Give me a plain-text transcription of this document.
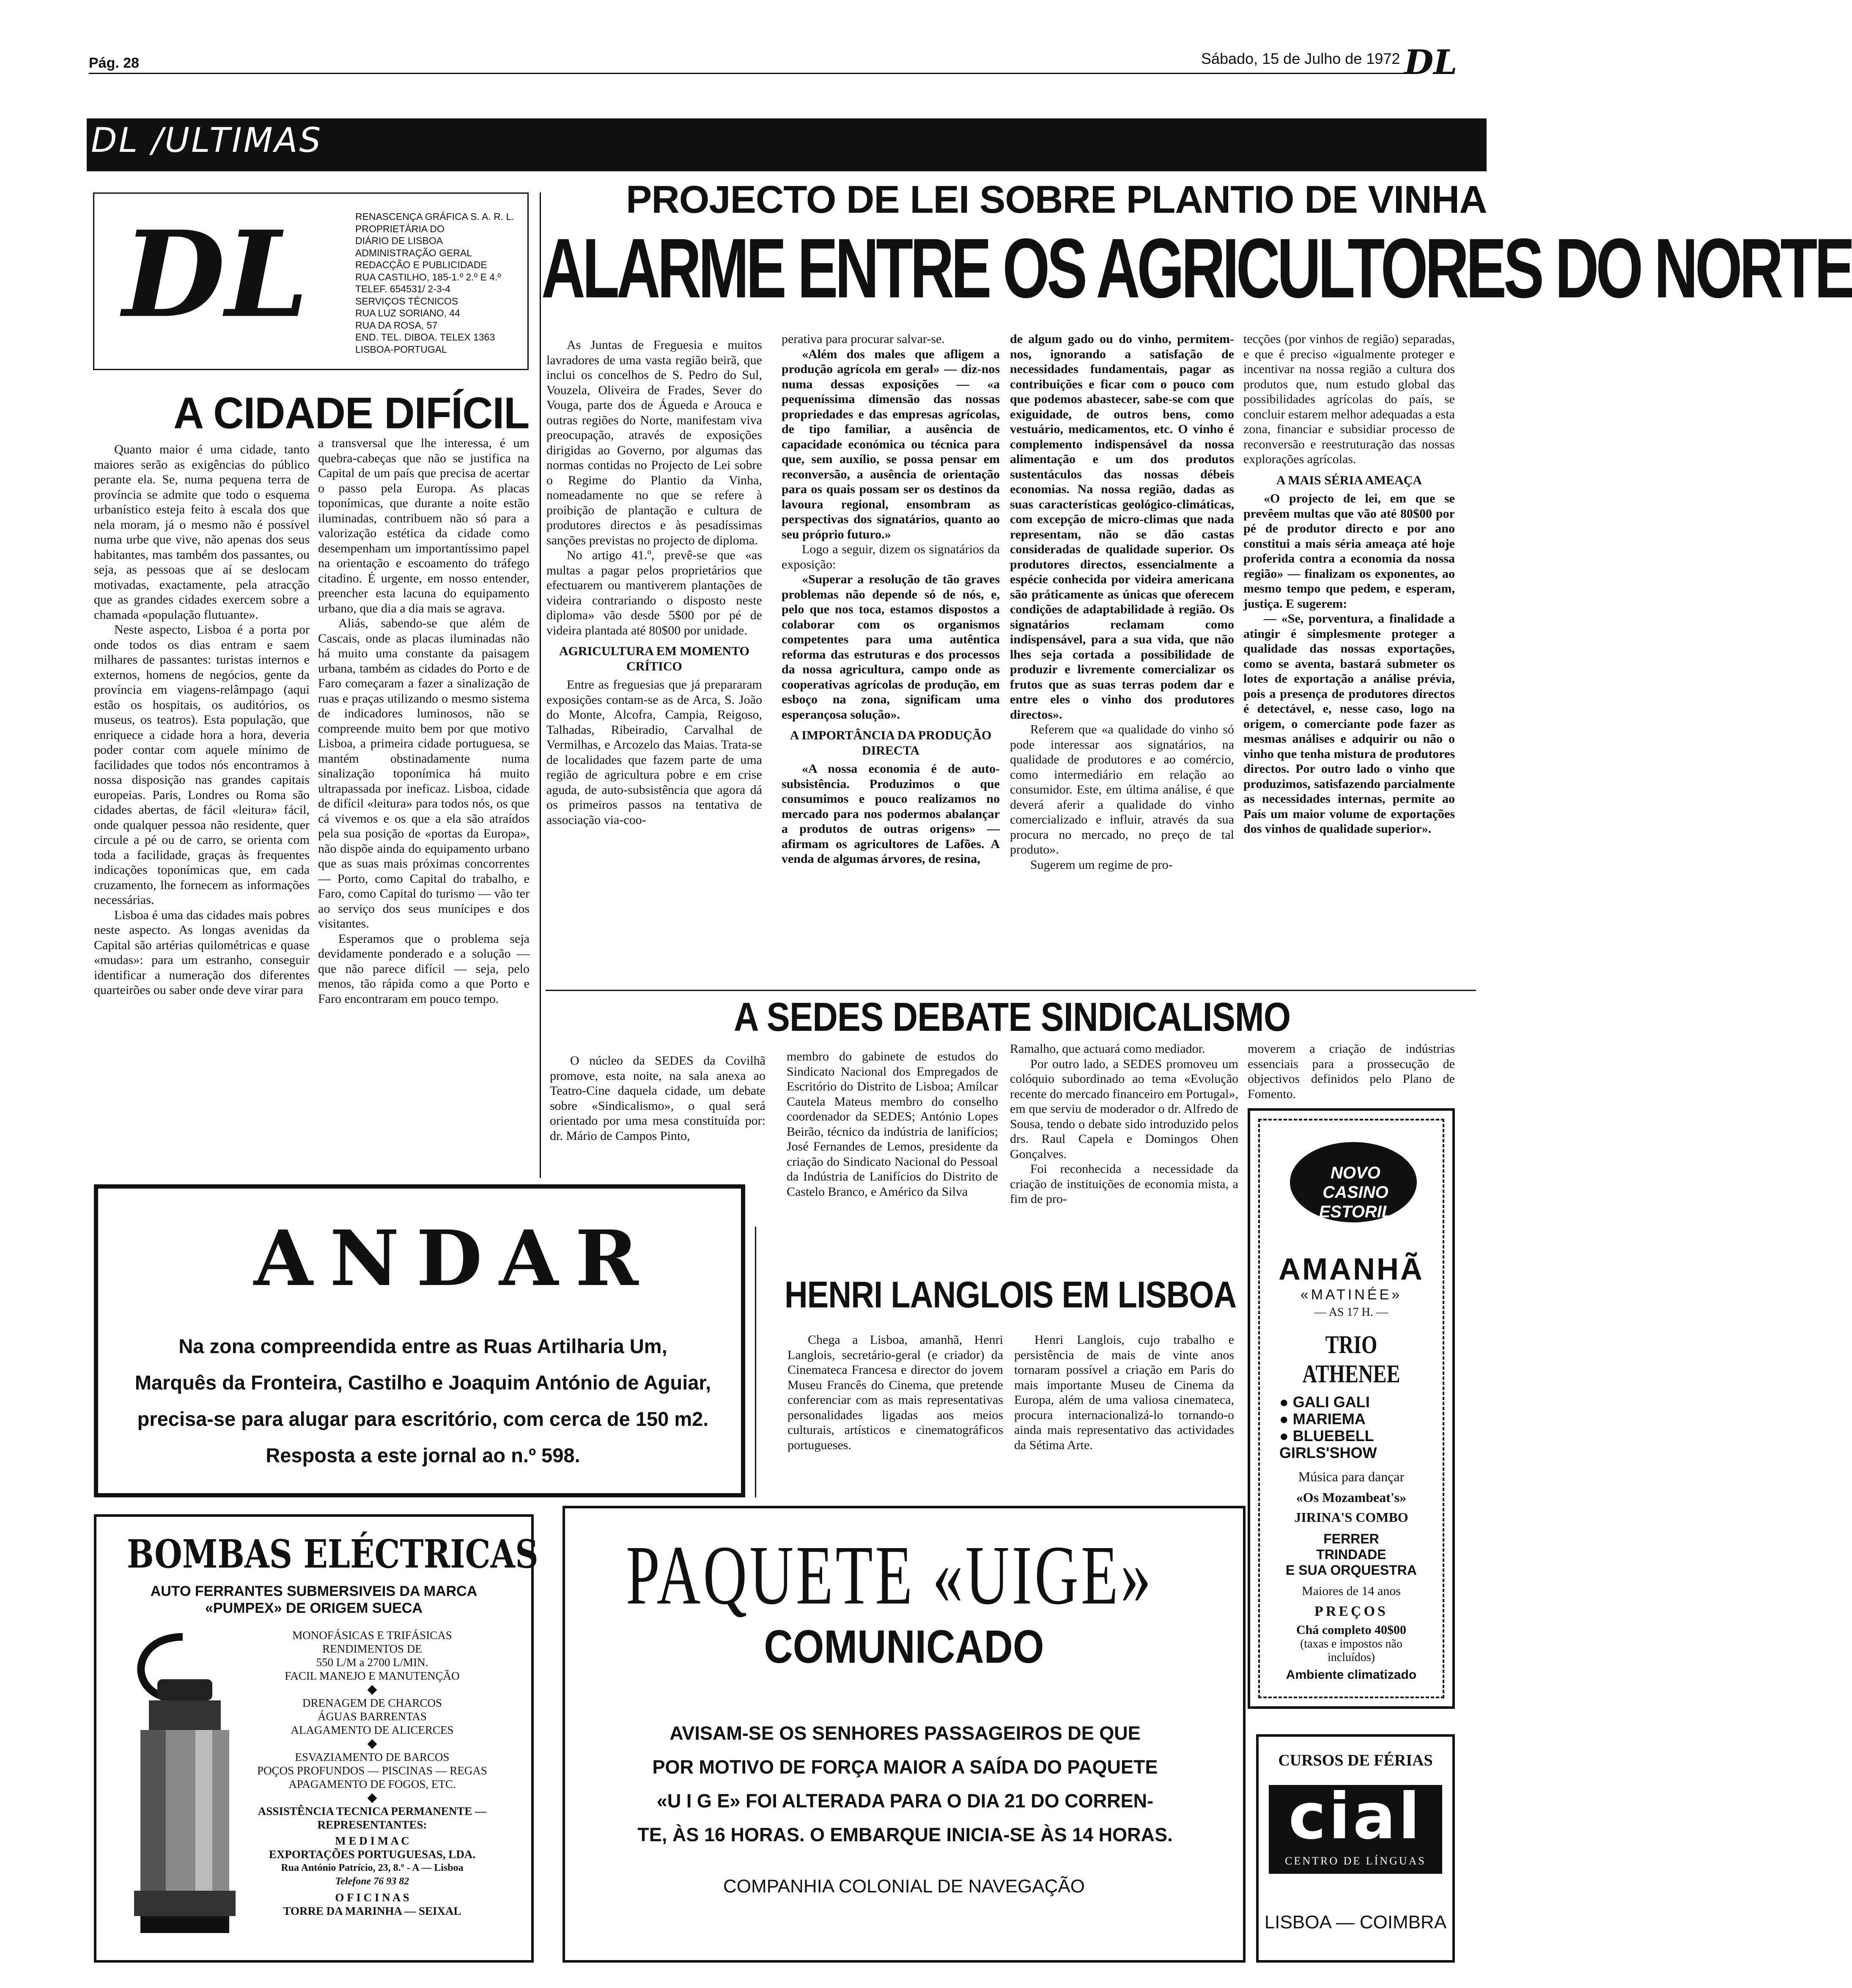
Pág. 28	Sábado, 15 de Julho de 1972 DL
DL /ULTIMAS
DL	RENASCENÇA GRÁFICA S. A. R. L.
PROPRIETÁRIA DO
DIÁRIO DE LISBOA
ADMINISTRAÇÃO GERAL
REDACÇÃO E PUBLICIDADE
RUA CASTILHO, 185-1.º 2.º E 4.º
TELEF. 654531/ 2-3-4
SERVIÇOS TÉCNICOS
RUA LUZ SORIANO, 44
RUA DA ROSA, 57
END. TEL. DIBOA. TELEX 1363
LISBOA-PORTUGAL
A CIDADE DIFÍCIL

Quanto maior é uma cidade, tanto maiores serão as exigências do público perante ela. Se, numa pequena terra de província se admite que todo o esquema urbanístico esteja feito à escala dos que nela moram, já o mesmo não é possível numa urbe que vive, não apenas dos seus habitantes, mas também dos passantes, ou seja, as pessoas que aí se deslocam motivadas, exactamente, pela atracção que as grandes cidades exercem sobre a chamada «população flutuante».

Neste aspecto, Lisboa é a porta por onde todos os dias entram e saem milhares de passantes: turistas internos e externos, homens de negócios, gente da província em viagens-relâmpago (aqui estão os hospitais, os auditórios, os museus, os teatros). Esta população, que enriquece a cidade hora a hora, deveria poder contar com aquele mínimo de facilidades que todos nós encontramos à nossa disposição nas grandes capitais europeias. Paris, Londres ou Roma são cidades abertas, de fácil «leitura» fácil, onde qualquer pessoa não residente, quer circule a pé ou de carro, se orienta com toda a facilidade, graças às frequentes indicações toponímicas que, em cada cruzamento, lhe fornecem as informações necessárias.

Lisboa é uma das cidades mais pobres neste aspecto. As longas avenidas da Capital são artérias quilométricas e quase «mudas»: para um estranho, conseguir identificar a numeração dos diferentes quarteirões ou saber onde deve virar para

a transversal que lhe interessa, é um quebra-cabeças que não se justifica na Capital de um país que precisa de acertar o passo pela Europa. As placas toponímicas, que durante a noite estão iluminadas, contribuem não só para a valorização estética da cidade como desempenham um importantíssimo papel na orientação e escoamento do tráfego citadino. É urgente, em nosso entender, preencher esta lacuna do equipamento urbano, que dia a dia mais se agrava.

Aliás, sabendo-se que além de Cascais, onde as placas iluminadas não há muito uma constante da paisagem urbana, também as cidades do Porto e de Faro começaram a fazer a sinalização de ruas e praças utilizando o mesmo sistema de indicadores luminosos, não se compreende muito bem por que motivo Lisboa, a primeira cidade portuguesa, se mantém obstinadamente numa sinalização toponímica há muito ultrapassada por ineficaz. Lisboa, cidade de difícil «leitura» para todos nós, os que cá vivemos e os que a ela são atraídos pela sua posição de «portas da Europa», não dispõe ainda do equipamento urbano que as suas mais próximas concorrentes — Porto, como Capital do trabalho, e Faro, como Capital do turismo — vão ter ao serviço dos seus munícipes e dos visitantes.

Esperamos que o problema seja devidamente ponderado e a solução — que não parece difícil — seja, pelo menos, tão rápida como a que Porto e Faro encontraram em pouco tempo.

PROJECTO DE LEI SOBRE PLANTIO DE VINHA
ALARME ENTRE OS AGRICULTORES DO NORTE

As Juntas de Freguesia e muitos lavradores de uma vasta região beirã, que inclui os concelhos de S. Pedro do Sul, Vouzela, Oliveira de Frades, Sever do Vouga, parte dos de Águeda e Arouca e outras regiões do Norte, manifestam viva preocupação, através de exposições dirigidas ao Governo, por algumas das normas contidas no Projecto de Lei sobre o Regime do Plantio da Vinha, nomeadamente no que se refere à proibição de plantação e cultura de produtores directos e às pesadíssimas sanções previstas no projecto de diploma.

No artigo 41.º, prevê-se que «as multas a pagar pelos proprietários que efectuarem ou mantiverem plantações de videira contrariando o disposto neste diploma» vão desde 5$00 por pé de videira plantada até 80$00 por unidade.

AGRICULTURA EM MOMENTO CRÍTICO

Entre as freguesias que já prepararam exposições contam-se as de Arca, S. João do Monte, Alcofra, Campia, Reigoso, Talhadas, Ribeiradio, Carvalhal de Vermilhas, e Arcozelo das Maias. Trata-se de localidades que fazem parte de uma região de agricultura pobre e em crise aguda, de auto-subsistência que agora dá os primeiros passos na tentativa de associação via-coo-

perativa para procurar salvar-se.

«Além dos males que afligem a produção agrícola em geral» — diz-nos numa dessas exposições — «a pequeníssima dimensão das nossas propriedades e das empresas agrícolas, de tipo familiar, a ausência de capacidade económica ou técnica para que, sem auxílio, se possa pensar em reconversão, a ausência de orientação para os quais possam ser os destinos da lavoura regional, ensombram as perspectivas dos signatários, quanto ao seu próprio futuro.»

Logo a seguir, dizem os signatários da exposição:

«Superar a resolução de tão graves problemas não depende só de nós, e, pelo que nos toca, estamos dispostos a colaborar com os organismos competentes para uma autêntica reforma das estruturas e dos processos da nossa agricultura, campo onde as cooperativas agrícolas de produção, em esboço na zona, significam uma esperançosa solução».

A IMPORTÂNCIA DA PRODUÇÃO DIRECTA

«A nossa economia é de auto-subsistência. Produzimos o que consumimos e pouco realizamos no mercado para nos podermos abalançar a produtos de outras origens» — afirmam os agricultores de Lafões. A venda de algumas árvores, de resina,

de algum gado ou do vinho, permitem-nos, ignorando a satisfação de necessidades fundamentais, pagar as contribuições e ficar com o pouco com que podemos abastecer, sabe-se com que exiguidade, de outros bens, como vestuário, medicamentos, etc. O vinho é complemento indispensável da nossa alimentação e um dos produtos sustentáculos das nossas débeis economias. Na nossa região, dadas as suas características geológico-climáticas, com excepção de micro-climas que nada representam, não se dão castas consideradas de qualidade superior. Os produtores directos, essencialmente a espécie conhecida por videira americana são práticamente as únicas que oferecem condições de adaptabilidade à região. Os signatários reclamam como indispensável, para a sua vida, que não lhes seja cortada a possibilidade de produzir e livremente comercializar os frutos que as suas terras podem dar e entre eles o vinho dos produtores directos».

Referem que «a qualidade do vinho só pode interessar aos signatários, na qualidade de produtores e ao comércio, como intermediário em relação ao consumidor. Este, em última análise, é que deverá aferir a qualidade do vinho comercializado e influir, através da sua procura no mercado, no preço de tal produto».

Sugerem um regime de pro-

tecções (por vinhos de região) separadas, e que é preciso «igualmente proteger e incentivar na nossa região a cultura dos produtos que, num estudo global das possibilidades agrícolas do país, se concluir estarem melhor adequadas a esta zona, financiar e subsidiar processo de reconversão e reestruturação das nossas explorações agrícolas.

A MAIS SÉRIA AMEAÇA

«O projecto de lei, em que se prevêem multas que vão até 80$00 por pé de produtor directo e por ano constitui a mais séria ameaça até hoje proferida contra a economia da nossa região» — finalizam os exponentes, ao mesmo tempo que pedem, e esperam, justiça. E sugerem:

— «Se, porventura, a finalidade a atingir é simplesmente proteger a qualidade das nossas exportações, como se aventa, bastará submeter os lotes de exportação a análise prévia, pois a presença de produtores directos é detectável, e, nesse caso, logo na origem, o comerciante pode fazer as mesmas análises e adquirir ou não o vinho que tenha mistura de produtores directos. Por outro lado o vinho que produzimos, satisfazendo parcialmente as necessidades internas, permite ao País um maior volume de exportações dos vinhos de qualidade superior».

A SEDES DEBATE SINDICALISMO

O núcleo da SEDES da Covilhã promove, esta noite, na sala anexa ao Teatro-Cine daquela cidade, um debate sobre «Sindicalismo», o qual será orientado por uma mesa constituída por: dr. Mário de Campos Pinto,

membro do gabinete de estudos do Sindicato Nacional dos Empregados de Escritório do Distrito de Lisboa; Amílcar Cautela Mateus membro do conselho coordenador da SEDES; António Lopes Beirão, técnico da indústria de lanifícios; José Fernandes de Lemos, presidente da criação do Sindicato Nacional do Pessoal da Indústria de Lanifícios do Distrito de Castelo Branco, e Américo da Silva

Ramalho, que actuará como mediador.

Por outro lado, a SEDES promoveu um colóquio subordinado ao tema «Evolução recente do mercado financeiro em Portugal», em que serviu de moderador o dr. Alfredo de Sousa, tendo o debate sido introduzido pelos drs. Raul Capela e Domingos Ohen Gonçalves.

Foi reconhecida a necessidade da criação de instituições de economia mista, a fim de pro-

moverem a criação de indústrias essenciais para a prossecução de objectivos definidos pelo Plano de Fomento.

ANDAR
Na zona compreendida entre as Ruas Artilharia Um,
Marquês da Fronteira, Castilho e Joaquim António de Aguiar,
precisa-se para alugar para escritório, com cerca de 150 m2.
Resposta a este jornal ao n.º 598.
HENRI LANGLOIS EM LISBOA

Chega a Lisboa, amanhã, Henri Langlois, secretário-geral (e criador) da Cinemateca Francesa e director do jovem Museu Francês do Cinema, que pretende conferenciar com as mais representativas personalidades ligadas aos meios culturais, artísticos e cinematográficos portugueses.

Henri Langlois, cujo trabalho e persistência de mais de vinte anos tornaram possível a criação em Paris do mais importante Museu de Cinema da Europa, além de uma valiosa cinemateca, procura internacionalizá-lo tornando-o ainda mais representativo das actividades da Sétima Arte.

NOVO CASINO ESTORIL
AMANHÃ
«MATINÉE»
— AS 17 H. —
TRIO ATHENEE
● GALI GALI
● MARIEMA
● BLUEBELL GIRLS'SHOW
Música para dançar
«Os Mozambeat's»
JIRINA'S COMBO
FERRER
TRINDADE
E SUA ORQUESTRA
Maiores de 14 anos
PREÇOS
Chá completo 40$00
(taxas e impostos não
incluídos)
Ambiente climatizado
BOMBAS ELÉCTRICAS
AUTO FERRANTES SUBMERSIVEIS DA MARCA
«PUMPEX» DE ORIGEM SUECA
MONOFÁSICAS E TRIFÁSICAS
RENDIMENTOS DE
550 L/M a 2700 L/MIN.
FACIL MANEJO E MANUTENÇÃO
◆
DRENAGEM DE CHARCOS
ÁGUAS BARRENTAS
ALAGAMENTO DE ALICERCES
◆
ESVAZIAMENTO DE BARCOS
POÇOS PROFUNDOS — PISCINAS — REGAS
APAGAMENTO DE FOGOS, ETC.
◆
ASSISTÊNCIA TECNICA PERMANENTE —
REPRESENTANTES:
M E D I M A C
EXPORTAÇÕES PORTUGUESAS, LDA.
Rua António Patrício, 23, 8.º - A — Lisboa
Telefone 76 93 82
O F I C I N A S
TORRE DA MARINHA — SEIXAL
PAQUETE «UIGE»
COMUNICADO
AVISAM-SE OS SENHORES PASSAGEIROS DE QUE
POR MOTIVO DE FORÇA MAIOR A SAÍDA DO PAQUETE
«U I G E» FOI ALTERADA PARA O DIA 21 DO CORREN-
TE, ÀS 16 HORAS. O EMBARQUE INICIA-SE ÀS 14 HORAS.
COMPANHIA COLONIAL DE NAVEGAÇÃO
CURSOS DE FÉRIAS
cial
CENTRO DE LÍNGUAS
LISBOA — COIMBRA
